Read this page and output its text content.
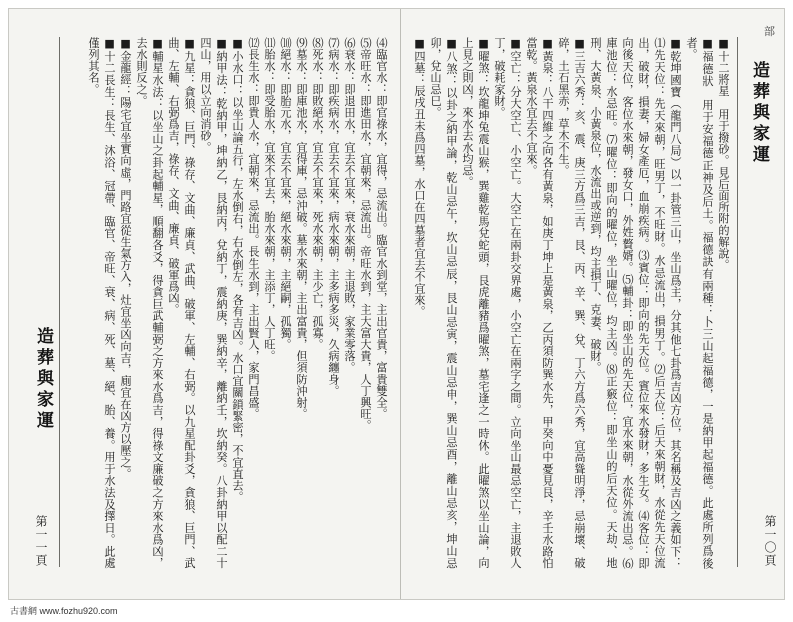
造葬與家運
第一〇頁
部

■十二將星　用于撥砂。見后面所附的解說。

■福德狀　用于安福德正神及后土。福德訣有兩種：卜三山起福德，一是納甲起福德。此處所列爲後者。

■乾坤國寶（龍門八局）以一卦管三山，坐山爲主，分其他七卦爲吉凶方位，其名稱及吉凶之義如下：⑴先天位：先天來朝，旺男丁，不旺財。水忌流出，損男丁。⑵后天位：后天來朝財，水從先天位流出，破財，損妻，婦女產厄，血崩疾病。⑶賓位：即向的先天位。賓位來水發財，多生女。⑷客位：即向後天位，客位水來朝，發女口，外姓贅婿。⑸輔卦：即坐山的先天位，宜水來朝，水從外流出忌。⑹庫池位：水忌旺。⑺曜位：即向的曜位，坐山曜位，均主凶。⑻正竅位：即坐山的后天位。天劫、地刑、大黃泉、小黃泉位，水流出或逆到，均主損丁、克妻、破財。

■三吉六秀：亥、震、庚三方爲三吉，艮、丙、辛、巽、兌、丁六方爲六秀，宜高聳明淨，忌崩壞、破碎，土石黑赤，草木不生。

■黃泉：八干四維之向各有黃泉，如庚丁坤上是黃泉，乙丙須防巽水先，甲癸向中憂見艮，辛壬水路怕當乾。黃泉水宜去不宜來。

■空亡：分大空亡、小空亡。大空亡在兩卦交界處，小空亡在兩字之間。立向坐山最忌空亡，主退敗人丁，破耗家財。

■曜煞：坎龍坤兔震山猴，巽雞乾馬兌蛇頭，艮虎離豬爲曜煞，墓宅逢之一時休。此曜煞以坐山論，向上見之則凶，來水去水均忌。

■八煞：以卦之納甲論，乾山忌午，坎山忌辰，艮山忌寅，震山忌申，巽山忌酉，離山忌亥，坤山忌卯，兌山忌巳。

■四墓：辰戌丑未爲四墓，水口在四墓者宜去不宜來。

造葬與家運
第一一頁

⑷臨官水：即官祿水，宜得，忌流出。臨官水到堂，主出官貴，富貴雙全。

⑸帝旺水：即進田水，宜朝來，忌流出。帝旺水到，主大富大貴，人丁興旺。

⑹衰水：即退田水，宜去不宜來，衰水來朝，主退敗，家業零落。

⑺病水：即疾病水，宜去不宜來，病水來朝，主多病多災，久病纏身。

⑻死水：即敗絕水，宜去不宜來，死水來朝，主少亡，孤寡。

⑼墓水：即庫池水，宜得庫，忌沖破。墓水來朝，主出富貴，但須防沖射。

⑽絕水：即胎元水，宜去不宜來，絕水來朝，主絕嗣，孤獨。

⑾胎水：即受胎水，宜來不宜去，胎水來朝，主添丁，人丁旺。

⑿長生水：即貴人水，宜朝來，忌流出。長生水到，主出賢人，家門昌盛。

■小水口：以坐山論五行，左水倒右，右水倒左，各有吉凶。水口宜關鎖緊密，不宜直去。

■納甲法：乾納甲，坤納乙，艮納丙，兌納丁，震納庚，巽納辛，離納壬，坎納癸。八卦納甲以配二十四山，用以立向消砂。

■九星：貪狼、巨門、祿存、文曲、廉貞、武曲、破軍、左輔、右弼。以九星配卦爻，貪狼、巨門、武曲、左輔、右弼爲吉，祿存、文曲、廉貞、破軍爲凶。

■輔星水法：以坐山之卦起輔星，順翻各爻，得貪巨武輔弼之方來水爲吉，得祿文廉破之方來水爲凶，去水則反之。

■金龍經：陽宅宜坐實向虛，門路宜從生氣方入，灶宜坐凶向吉，廁宜在凶方以壓之。

■十二長生：長生、沐浴、冠帶、臨官、帝旺、衰、病、死、墓、絕、胎、養。用于水法及擇日。此處僅列其名。

古書網 www.fozhu920.com
